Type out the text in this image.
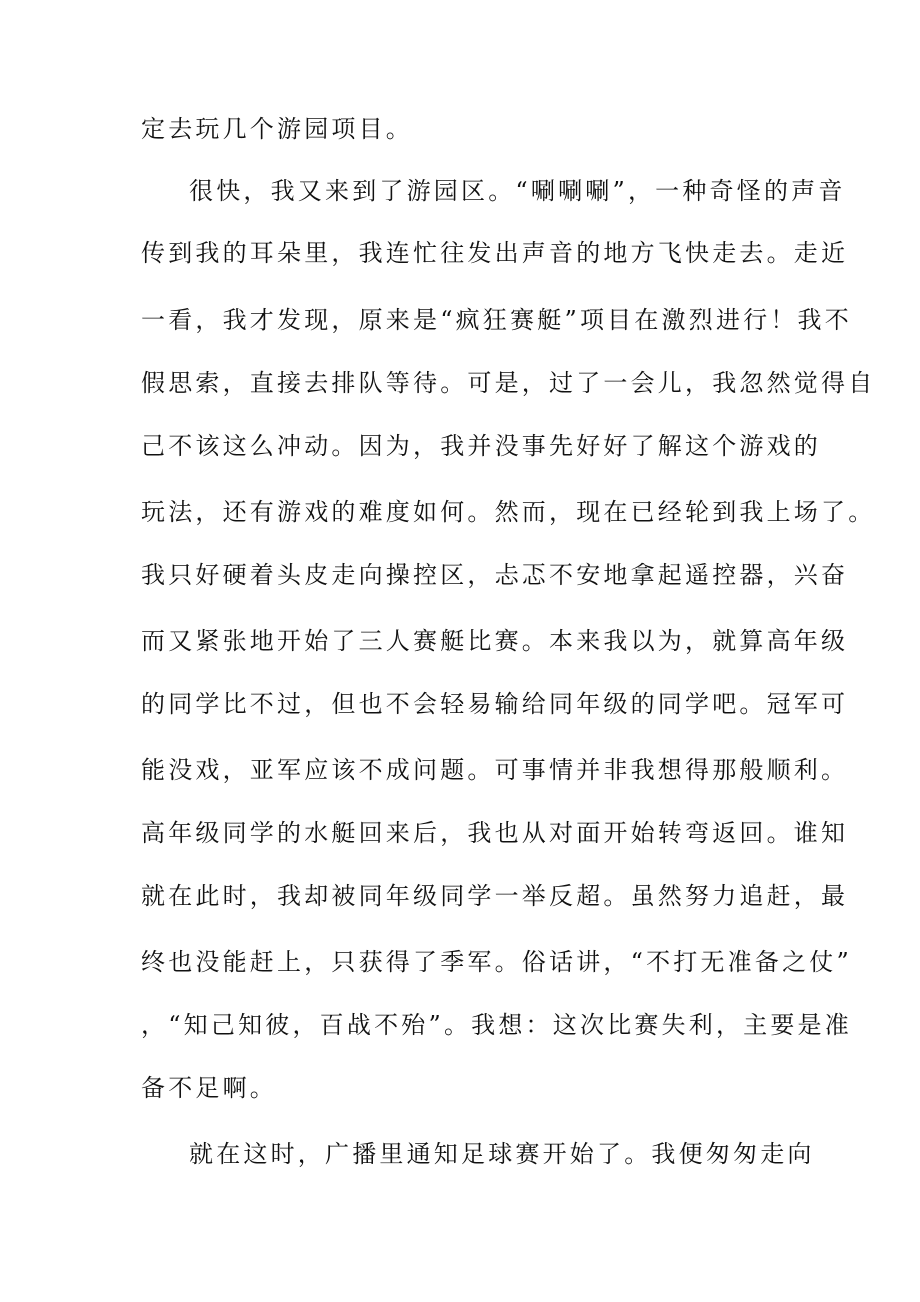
定去玩几个游园项目。
很快，我又来到了游园区。“唰唰唰”，一种奇怪的声音
传到我的耳朵里，我连忙往发出声音的地方飞快走去。走近
一看，我才发现，原来是“疯狂赛艇”项目在激烈进行！我不
假思索，直接去排队等待。可是，过了一会儿，我忽然觉得自
己不该这么冲动。因为，我并没事先好好了解这个游戏的
玩法，还有游戏的难度如何。然而，现在已经轮到我上场了。
我只好硬着头皮走向操控区，忐忑不安地拿起遥控器，兴奋
而又紧张地开始了三人赛艇比赛。本来我以为，就算高年级
的同学比不过，但也不会轻易输给同年级的同学吧。冠军可
能没戏，亚军应该不成问题。可事情并非我想得那般顺利。
高年级同学的水艇回来后，我也从对面开始转弯返回。谁知
就在此时，我却被同年级同学一举反超。虽然努力追赶，最
终也没能赶上，只获得了季军。俗话讲，“不打无准备之仗”
，“知己知彼，百战不殆”。我想：这次比赛失利，主要是准
备不足啊。
就在这时，广播里通知足球赛开始了。我便匆匆走向
